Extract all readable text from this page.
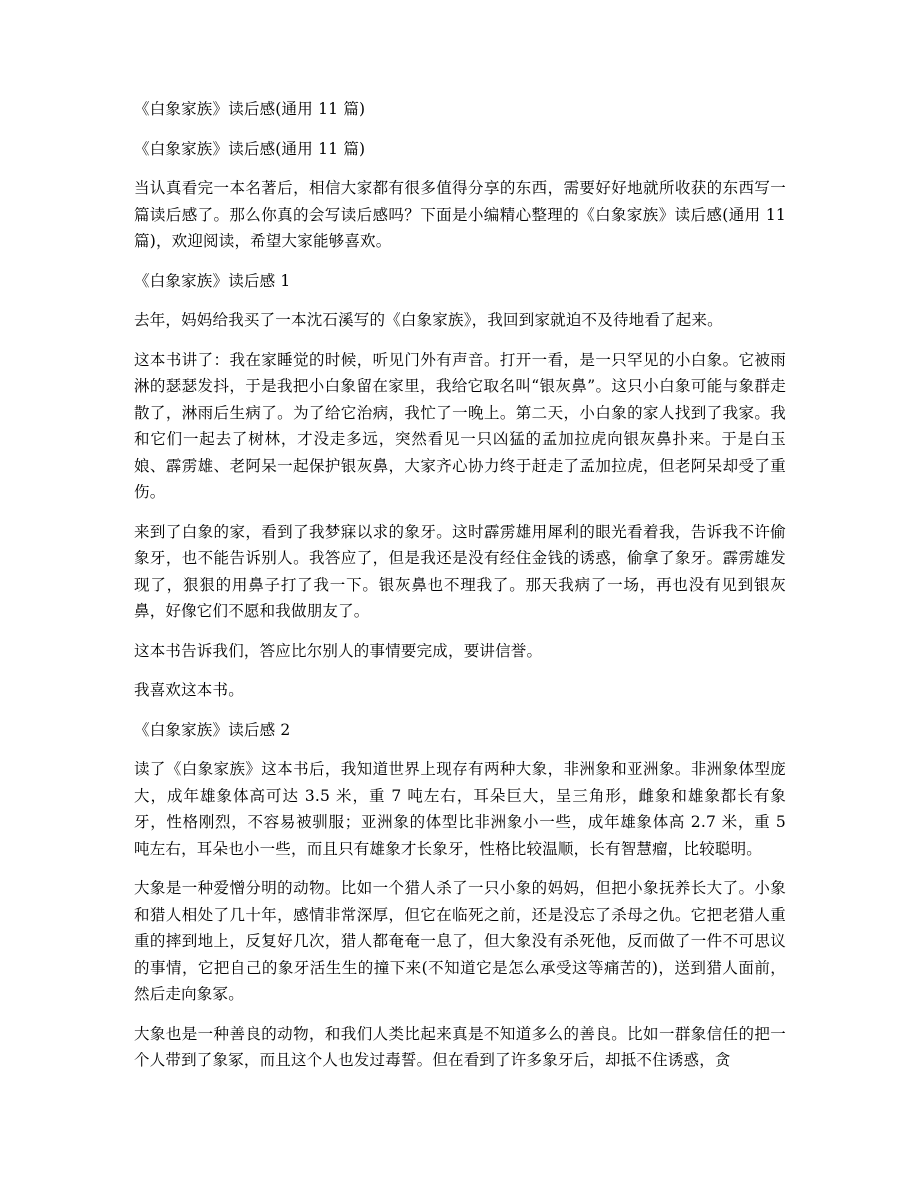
《白象家族》读后感(通用 11 篇)

《白象家族》读后感(通用 11 篇)

当认真看完一本名著后，相信大家都有很多值得分享的东西，需要好好地就所收获的东西写一篇读后感了。那么你真的会写读后感吗？下面是小编精心整理的《白象家族》读后感(通用 11 篇)，欢迎阅读，希望大家能够喜欢。

《白象家族》读后感 1

去年，妈妈给我买了一本沈石溪写的《白象家族》，我回到家就迫不及待地看了起来。

这本书讲了：我在家睡觉的时候，听见门外有声音。打开一看，是一只罕见的小白象。它被雨淋的瑟瑟发抖，于是我把小白象留在家里，我给它取名叫“银灰鼻”。这只小白象可能与象群走散了，淋雨后生病了。为了给它治病，我忙了一晚上。第二天，小白象的家人找到了我家。我和它们一起去了树林，才没走多远，突然看见一只凶猛的孟加拉虎向银灰鼻扑来。于是白玉娘、霹雳雄、老阿呆一起保护银灰鼻，大家齐心协力终于赶走了孟加拉虎，但老阿呆却受了重伤。

来到了白象的家，看到了我梦寐以求的象牙。这时霹雳雄用犀利的眼光看着我，告诉我不许偷象牙，也不能告诉别人。我答应了，但是我还是没有经住金钱的诱惑，偷拿了象牙。霹雳雄发现了，狠狠的用鼻子打了我一下。银灰鼻也不理我了。那天我病了一场，再也没有见到银灰鼻，好像它们不愿和我做朋友了。

这本书告诉我们，答应比尔别人的事情要完成，要讲信誉。

我喜欢这本书。

《白象家族》读后感 2

读了《白象家族》这本书后，我知道世界上现存有两种大象，非洲象和亚洲象。非洲象体型庞大，成年雄象体高可达 3.5 米，重 7 吨左右，耳朵巨大，呈三角形，雌象和雄象都长有象牙，性格刚烈，不容易被驯服；亚洲象的体型比非洲象小一些，成年雄象体高 2.7 米，重 5 吨左右，耳朵也小一些，而且只有雄象才长象牙，性格比较温顺，长有智慧瘤，比较聪明。

大象是一种爱憎分明的动物。比如一个猎人杀了一只小象的妈妈，但把小象抚养长大了。小象和猎人相处了几十年，感情非常深厚，但它在临死之前，还是没忘了杀母之仇。它把老猎人重重的摔到地上，反复好几次，猎人都奄奄一息了，但大象没有杀死他，反而做了一件不可思议的事情，它把自己的象牙活生生的撞下来(不知道它是怎么承受这等痛苦的)，送到猎人面前，然后走向象冢。

大象也是一种善良的动物，和我们人类比起来真是不知道多么的善良。比如一群象信任的把一个人带到了象冢，而且这个人也发过毒誓。但在看到了许多象牙后，却抵不住诱惑，贪
